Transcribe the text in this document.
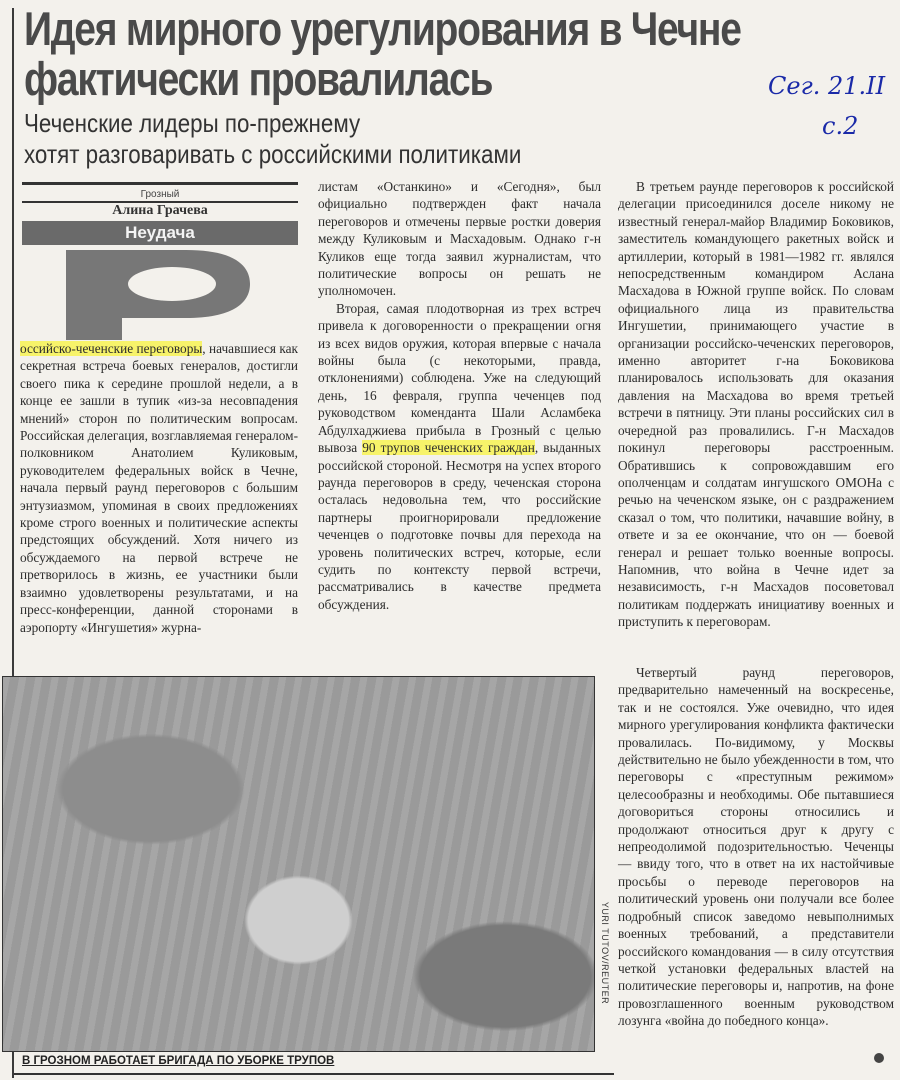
Идея мирного урегулирования в Чечне
фактически провалилась
Чеченские лидеры по-прежнему
хотят разговаривать с российскими политиками
Сег. 21.II
с.2
Грозный
Алина Грачева
Неудача

оссийско-чеченские переговоры, начавшиеся как секретная встреча боевых генералов, достигли своего пика к середине прошлой недели, а в конце ее зашли в тупик «из-за несовпадения мнений» сторон по политическим вопросам. Российская делегация, возглавляемая генералом-полковником Анатолием Куликовым, руководителем федеральных войск в Чечне, начала первый раунд переговоров с большим энтузиазмом, упоминая в своих предложениях кроме строго военных и политические аспекты предстоящих обсуждений. Хотя ничего из обсуждаемого на первой встрече не претворилось в жизнь, ее участники были взаимно удовлетворены результатами, и на пресс-конференции, данной сторонами в аэропорту «Ингушетия» журна-

листам «Останкино» и «Сегодня», был официально подтвержден факт начала переговоров и отмечены первые ростки доверия между Куликовым и Масхадовым. Однако г-н Куликов еще тогда заявил журналистам, что политические вопросы он решать не уполномочен.

Вторая, самая плодотворная из трех встреч привела к договоренности о прекращении огня из всех видов оружия, которая впервые с начала войны была (с некоторыми, правда, отклонениями) соблюдена. Уже на следующий день, 16 февраля, группа чеченцев под руководством коменданта Шали Асламбека Абдулхаджиева прибыла в Грозный с целью вывоза 90 трупов чеченских граждан, выданных российской стороной. Несмотря на успех второго раунда переговоров в среду, чеченская сторона осталась недовольна тем, что российские партнеры проигнорировали предложение чеченцев о подготовке почвы для перехода на уровень политических встреч, которые, если судить по контексту первой встречи, рассматривались в качестве предмета обсуждения.

В третьем раунде переговоров к российской делегации присоединился доселе никому не известный генерал-майор Владимир Боковиков, заместитель командующего ракетных войск и артиллерии, который в 1981—1982 гг. являлся непосредственным командиром Аслана Масхадова в Южной группе войск. По словам официального лица из правительства Ингушетии, принимающего участие в организации российско-чеченских переговоров, именно авторитет г-на Боковикова планировалось использовать для оказания давления на Масхадова во время третьей встречи в пятницу. Эти планы российских сил в очередной раз провалились. Г-н Масхадов покинул переговоры расстроенным. Обратившись к сопровождавшим его ополченцам и солдатам ингушского ОМОНа с речью на чеченском языке, он с раздражением сказал о том, что политики, начавшие войну, в ответе и за ее окончание, что он — боевой генерал и решает только военные вопросы. Напомнив, что война в Чечне идет за независимость, г-н Масхадов посоветовал политикам поддержать инициативу военных и приступить к переговорам.

Четвертый раунд переговоров, предварительно намеченный на воскресенье, так и не состоялся. Уже очевидно, что идея мирного урегулирования конфликта фактически провалилась. По-видимому, у Москвы действительно не было убежденности в том, что переговоры с «преступным режимом» целесообразны и необходимы. Обе пытавшиеся договориться стороны относились и продолжают относиться друг к другу с непреодолимой подозрительностью. Чеченцы — ввиду того, что в ответ на их настойчивые просьбы о переводе переговоров на политический уровень они получали все более подробный список заведомо невыполнимых военных требований, а представители российского командования — в силу отсутствия четкой установки федеральных властей на политические переговоры и, напротив, на фоне провозглашенного военным руководством лозунга «война до победного конца».

YURI TUTOV/REUTER
В ГРОЗНОМ РАБОТАЕТ БРИГАДА ПО УБОРКЕ ТРУПОВ
